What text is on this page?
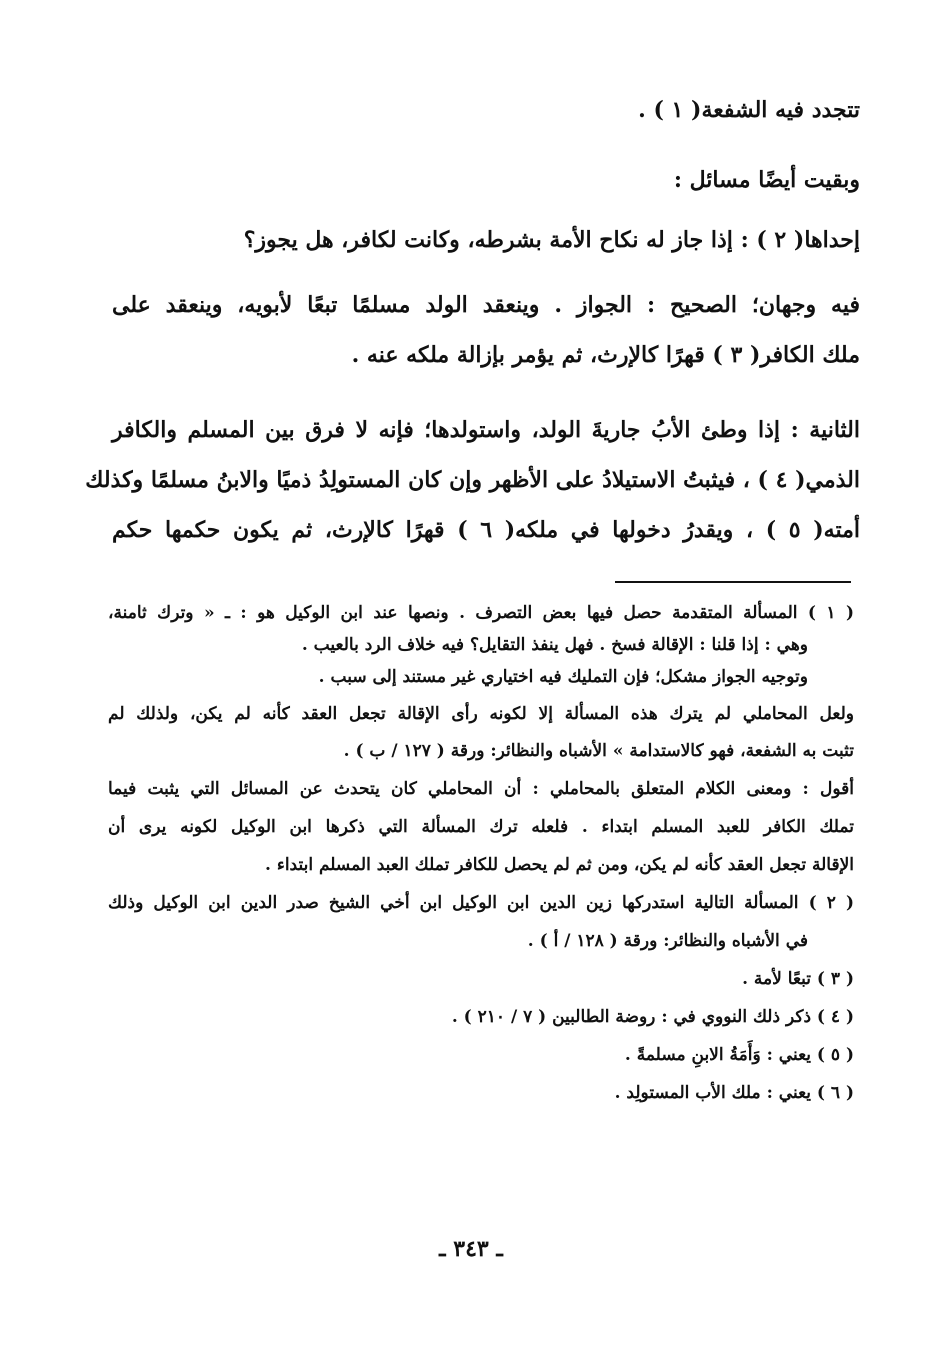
تتجدد فيه الشفعة( ١ ) .
وبقيت أيضًا مسائل :
إحداها( ٢ ) : إذا جاز له نكاح الأمة بشرطه، وكانت لكافر، هل يجوز؟
فيه وجهان؛ الصحيح : الجواز . وينعقد الولد مسلمًا تبعًا لأبويه، وينعقد على
ملك الكافر( ٣ ) قهرًا كالإرث، ثم يؤمر بإزالة ملكه عنه .
الثانية : إذا وطئ الأبُ جاريةَ الولد، واستولدها؛ فإنه لا فرق بين المسلم والكافر
الذمي( ٤ ) ، فيثبتُ الاستيلادُ على الأظهر وإن كان المستولِدُ ذميًا والابنُ مسلمًا وكذلك
أمته( ٥ ) ، ويقدرُ دخولها في ملكه( ٦ ) قهرًا كالإرث، ثم يكون حكمها حكم
( ١ ) المسألة المتقدمة حصل فيها بعض التصرف . ونصها عند ابن الوكيل هو : ـ « وترك ثامنة،
وهي : إذا قلنا : الإقالة فسخ . فهل ينفذ التقايل؟ فيه خلاف الرد بالعيب .
وتوجيه الجواز مشكل؛ فإن التمليك فيه اختياري غير مستند إلى سبب .
ولعل المحاملي لم يترك هذه المسألة إلا لكونه رأى الإقالة تجعل العقد كأنه لم يكن، ولذلك لم
تثبت به الشفعة، فهو كالاستدامة » الأشباه والنظائر: ورقة ( ١٢٧ / ب ) .
أقول : ومعنى الكلام المتعلق بالمحاملي : أن المحاملي كان يتحدث عن المسائل التي يثبت فيما
تملك الكافر للعبد المسلم ابتداء . فلعله ترك المسألة التي ذكرها ابن الوكيل لكونه يرى أن
الإقالة تجعل العقد كأنه لم يكن، ومن ثم لم يحصل للكافر تملك العبد المسلم ابتداء .
( ٢ ) المسألة التالية استدركها زين الدين ابن الوكيل ابن أخي الشيخ صدر الدين ابن الوكيل وذلك
في الأشباه والنظائر: ورقة ( ١٢٨ / أ ) .
( ٣ ) تبعًا لأمة .
( ٤ ) ذكر ذلك النووي في : روضة الطالبين ( ٧ / ٢١٠ ) .
( ٥ ) يعني : وَأَمَةُ الابنِ مسلمةً .
( ٦ ) يعني : ملك الأب المستولِد .
ـ ٣٤٣ ـ
